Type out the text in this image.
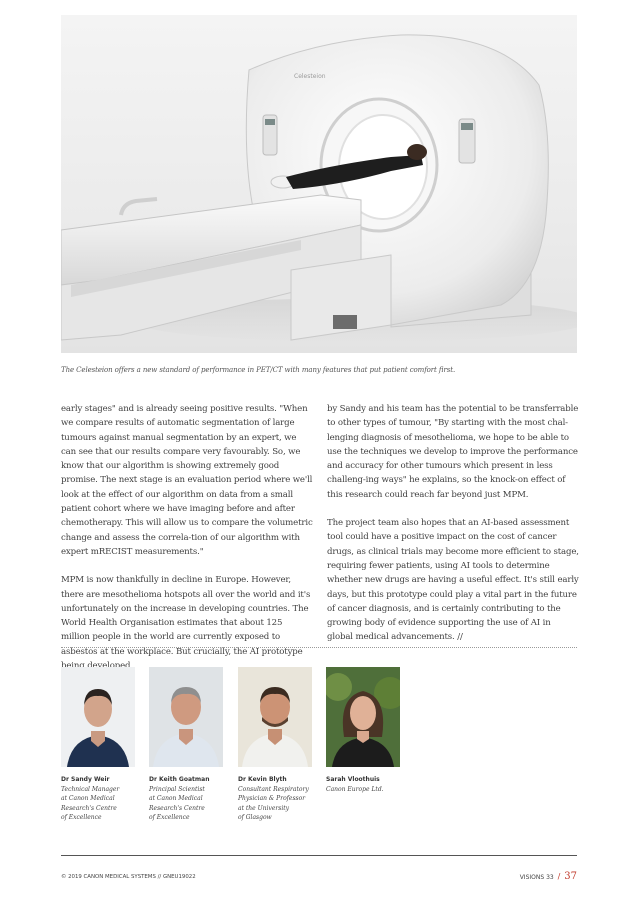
Celesteion
The Celesteion offers a new standard of performance in PET/CT with many features that put patient comfort first.

early stages" and is already seeing positive results. "When we compare results of automatic segmentation of large tumours against manual segmentation by an expert, we can see that our results compare very favourably. So, we know that our algorithm is showing extremely good promise. The next stage is an evaluation period where we'll look at the effect of our algorithm on data from a small patient cohort where we have imaging before and after chemotherapy. This will allow us to compare the volumetric change and assess the correla-tion of our algorithm with expert mRECIST measurements."

MPM is now thankfully in decline in Europe. However, there are mesothelioma hotspots all over the world and it's unfortunately on the increase in developing countries. The World Health Organisation estimates that about 125 million people in the world are currently exposed to asbestos at the workplace. But crucially, the AI prototype

by Sandy and his team has the potential to be transferrable to other types of tumour, "By starting with the most chal-lenging diagnosis of mesothelioma, we hope to be able to use the techniques we develop to improve the performance and accuracy for other tumours which present in less challeng-ing ways" he explains, so the knock-on effect of this research could reach far beyond just MPM.

The project team also hopes that an AI-based assessment tool could have a positive impact on the cost of cancer drugs, as clinical trials may become more efficient to stage, requiring fewer patients, using AI tools to determine whether new drugs are having a useful effect. It's still early days, but this prototype could play a vital part in the future of cancer diagnosis, and is certainly contributing to the growing body of evidence supporting the use of AI in global medical advancements. //

Dr Sandy Weir
Technical Manager
at Canon Medical
Research's Centre
of Excellence
Dr Keith Goatman
Principal Scientist
at Canon Medical
Research's Centre
of Excellence
Dr Kevin Blyth
Consultant Respiratory
Physician & Professor
at the University
of Glasgow
Sarah Vloothuis
Canon Europe Ltd.
© 2019 CANON MEDICAL SYSTEMS // GNEU19022	VISIONS 33 / 37
